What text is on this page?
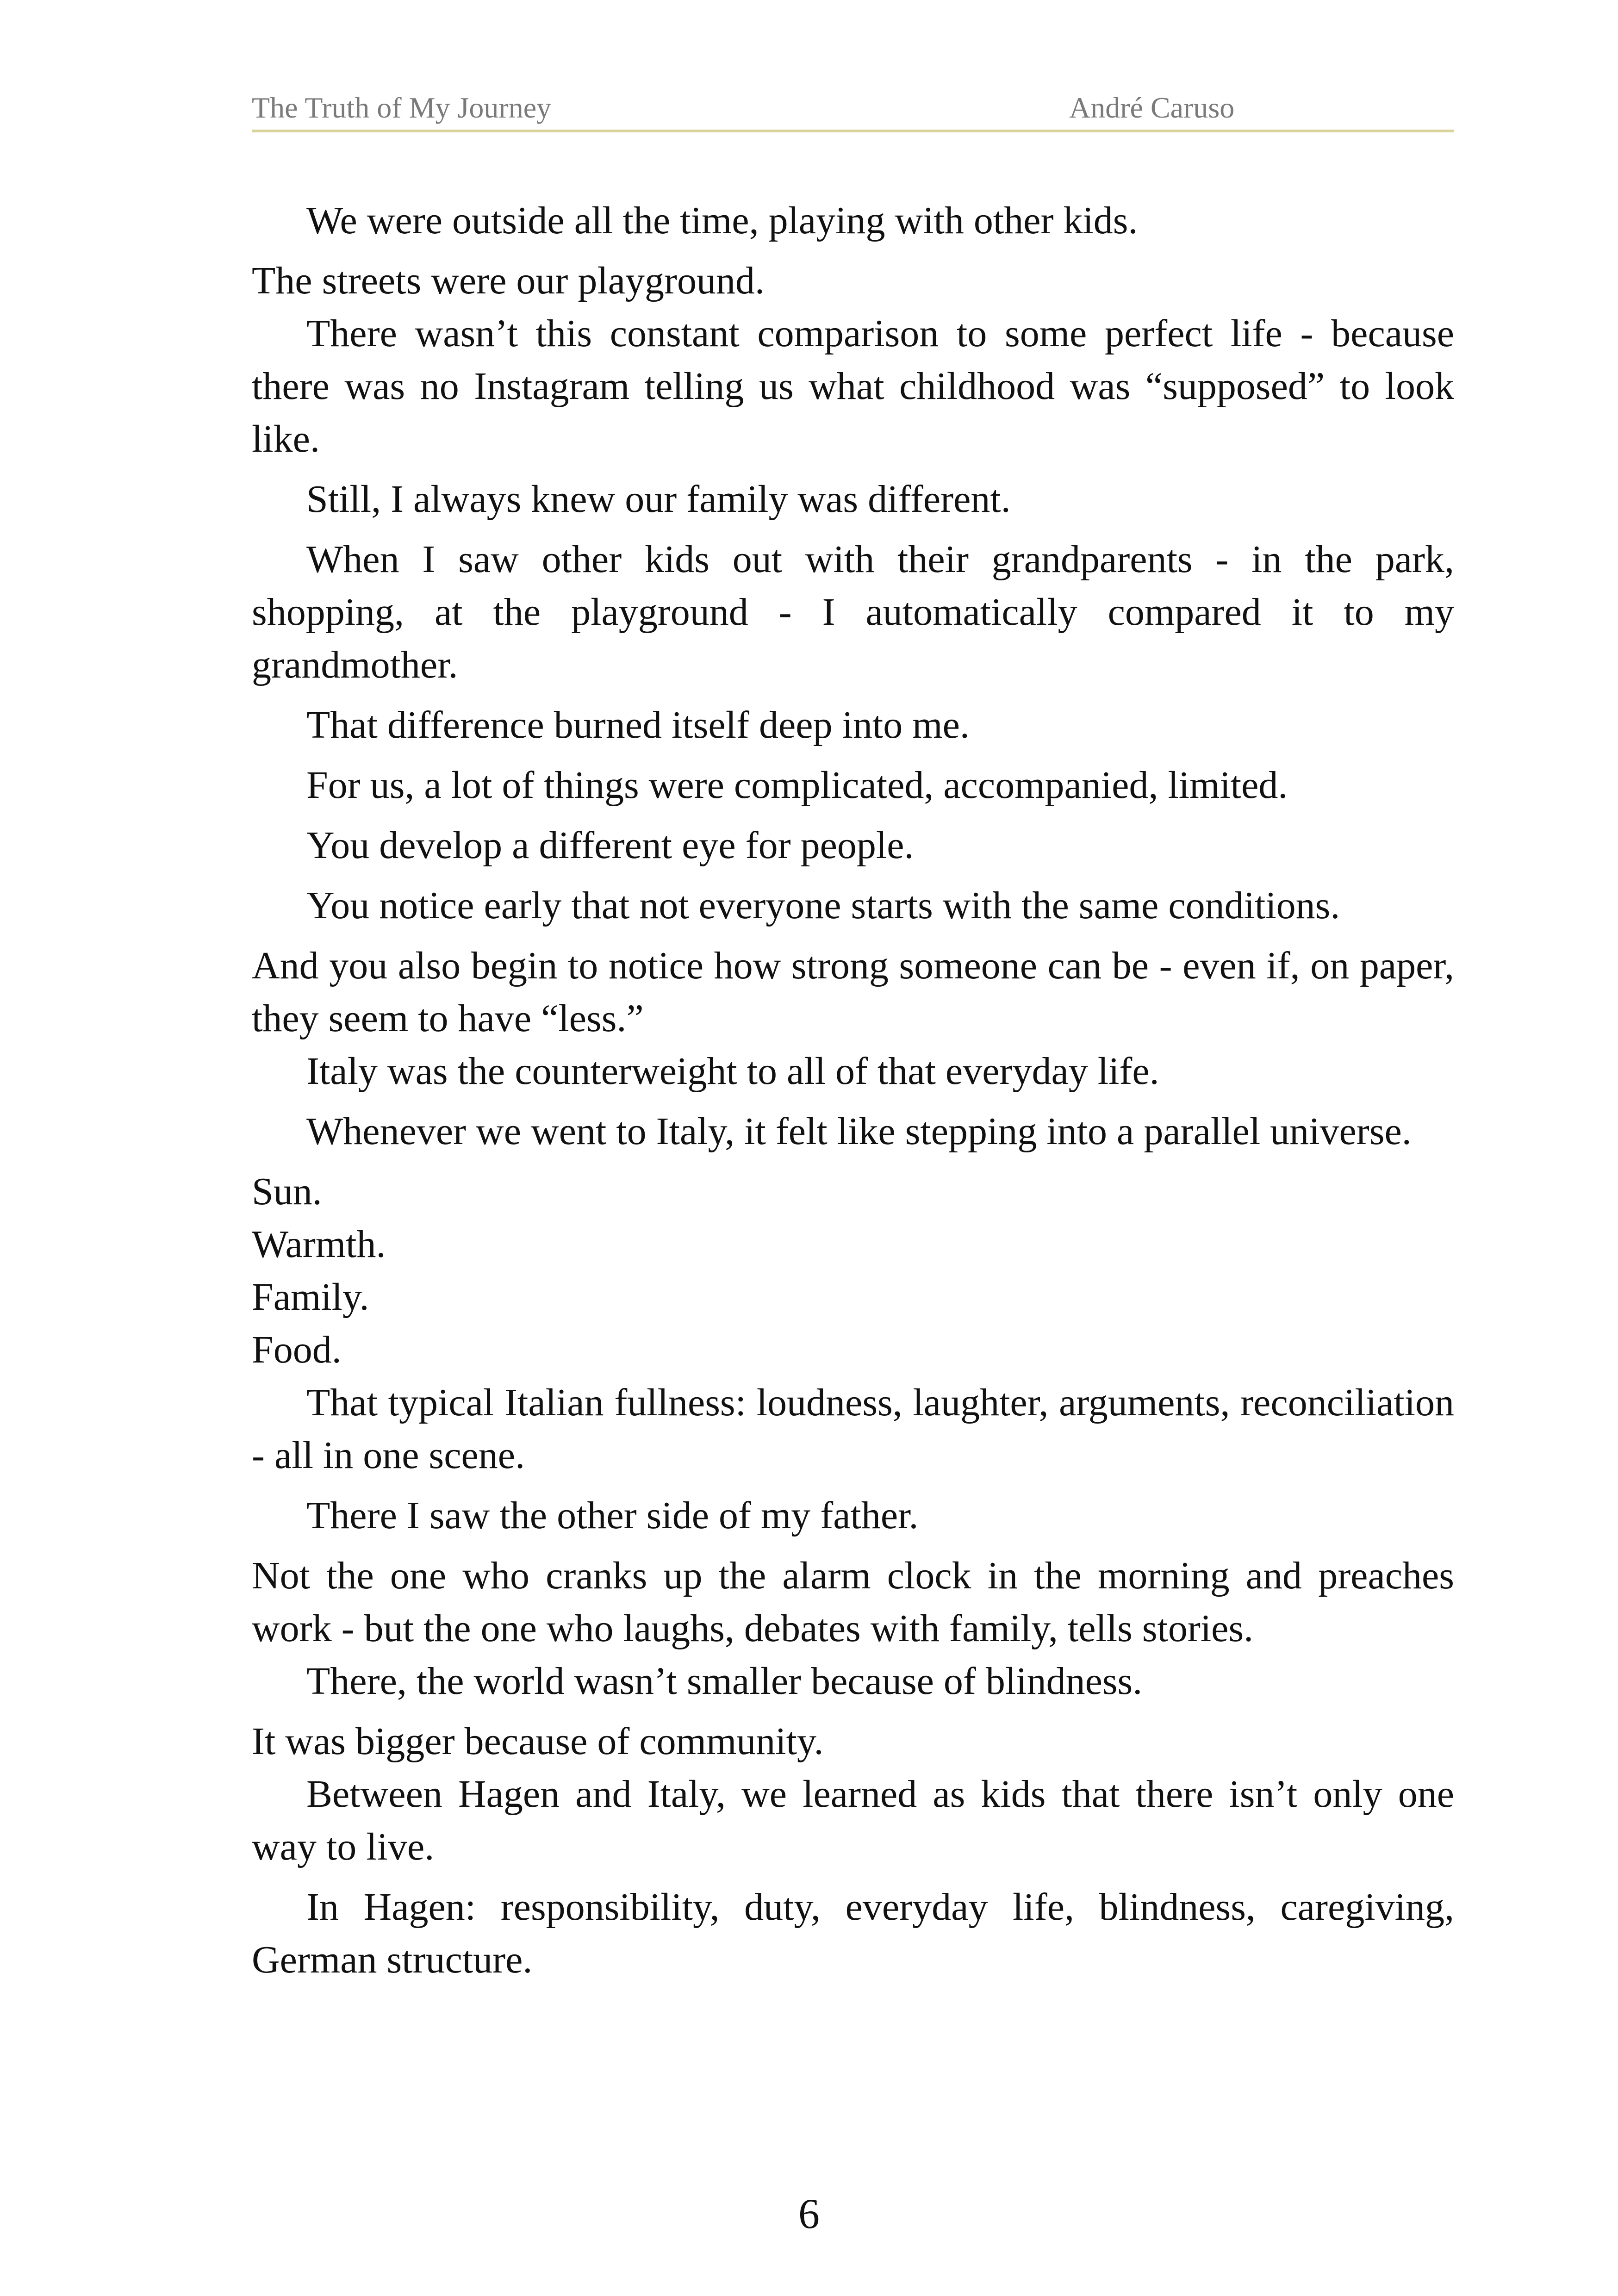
The Truth of My Journey	André Caruso

We were outside all the time, playing with other kids.

The streets were our playground.

There wasn’t this constant comparison to some perfect life - because there was no Instagram telling us what childhood was “supposed” to look like.

Still, I always knew our family was different.

When I saw other kids out with their grandparents - in the park, shopping, at the playground - I automatically compared it to my grandmother.

That difference burned itself deep into me.

For us, a lot of things were complicated, accompanied, limited.

You develop a different eye for people.

You notice early that not everyone starts with the same conditions.

And you also begin to notice how strong someone can be - even if, on paper, they seem to have “less.”

Italy was the counterweight to all of that everyday life.

Whenever we went to Italy, it felt like stepping into a parallel universe.

Sun.

Warmth.

Family.

Food.

That typical Italian fullness: loudness, laughter, arguments, reconciliation - all in one scene.

There I saw the other side of my father.

Not the one who cranks up the alarm clock in the morning and preaches work - but the one who laughs, debates with family, tells stories.

There, the world wasn’t smaller because of blindness.

It was bigger because of community.

Between Hagen and Italy, we learned as kids that there isn’t only one way to live.

In Hagen: responsibility, duty, everyday life, blindness, caregiving, German structure.

6
